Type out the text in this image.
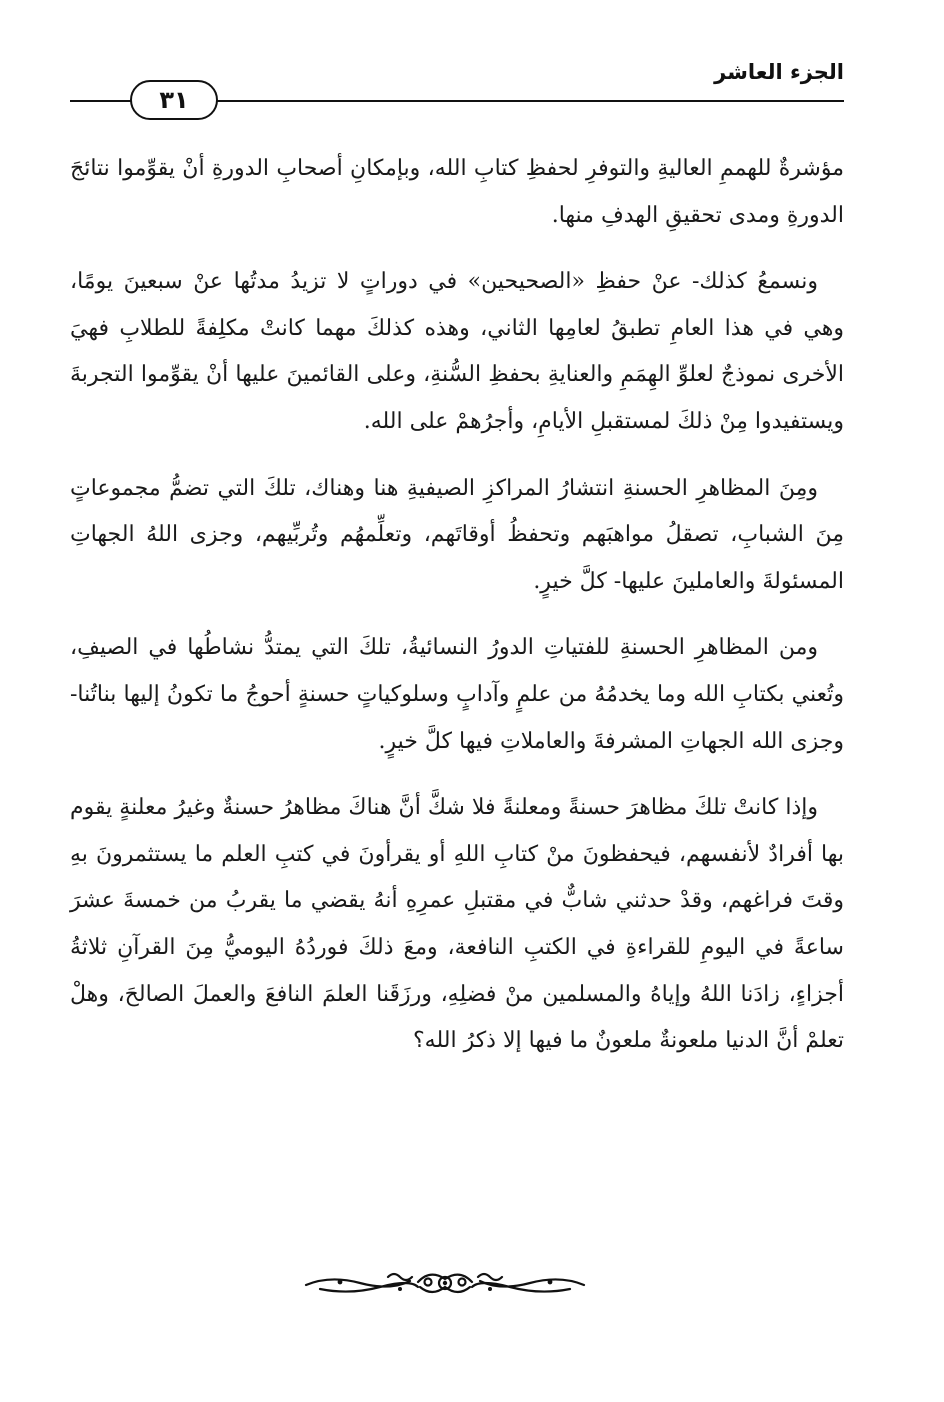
الجزء العاشر
٣١

مؤشرةٌ للهممِ العاليةِ والتوفرِ لحفظِ كتابِ الله، وبإمكانِ أصحابِ الدورةِ أنْ يقوِّموا نتائجَ الدورةِ ومدى تحقيقِ الهدفِ منها.

ونسمعُ كذلك- عنْ حفظِ «الصحيحين» في دوراتٍ لا تزيدُ مدتُها عنْ سبعينَ يومًا، وهي في هذا العامِ تطبقُ لعامِها الثاني، وهذه كذلكَ مهما كانتْ مكلِفةً للطلابِ فهيَ الأخرى نموذجٌ لعلوِّ الهِمَمِ والعنايةِ بحفظِ السُّنةِ، وعلى القائمينَ عليها أنْ يقوِّموا التجربةَ ويستفيدوا مِنْ ذلكَ لمستقبلِ الأيامِ، وأجرُهمْ على الله.

ومِنَ المظاهرِ الحسنةِ انتشارُ المراكزِ الصيفيةِ هنا وهناك، تلكَ التي تضمُّ مجموعاتٍ مِنَ الشبابِ، تصقلُ مواهبَهم وتحفظُ أوقاتَهم، وتعلِّمهُم وتُربِّيهم، وجزى اللهُ الجهاتِ المسئولةَ والعاملينَ عليها- كلَّ خيرٍ.

ومن المظاهرِ الحسنةِ للفتياتِ الدورُ النسائيةُ، تلكَ التي يمتدُّ نشاطُها في الصيفِ، وتُعني بكتابِ الله وما يخدمُهُ من علمٍ وآدابٍ وسلوكياتٍ حسنةٍ أحوجُ ما تكونُ إليها بناتُنا- وجزى الله الجهاتِ المشرفةَ والعاملاتِ فيها كلَّ خيرٍ.

وإذا كانتْ تلكَ مظاهرَ حسنةً ومعلنةً فلا شكَّ أنَّ هناكَ مظاهرُ حسنةٌ وغيرُ معلنةٍ يقوم بها أفرادٌ لأنفسهم، فيحفظونَ منْ كتابِ اللهِ أو يقرأونَ في كتبِ العلم ما يستثمرونَ بهِ وقتَ فراغهم، وقدْ حدثني شابٌّ في مقتبلِ عمرِهِ أنهُ يقضي ما يقربُ من خمسةَ عشرَ ساعةً في اليومِ للقراءةِ في الكتبِ النافعة، ومعَ ذلكَ فوردُهُ اليوميُّ مِنَ القرآنِ ثلاثةُ أجزاءٍ، زادَنا اللهُ وإياهُ والمسلمين منْ فضلِهِ، ورزَقَنا العلمَ النافعَ والعملَ الصالحَ، وهلْ تعلمْ أنَّ الدنيا ملعونةٌ ملعونٌ ما فيها إلا ذكرُ الله؟
